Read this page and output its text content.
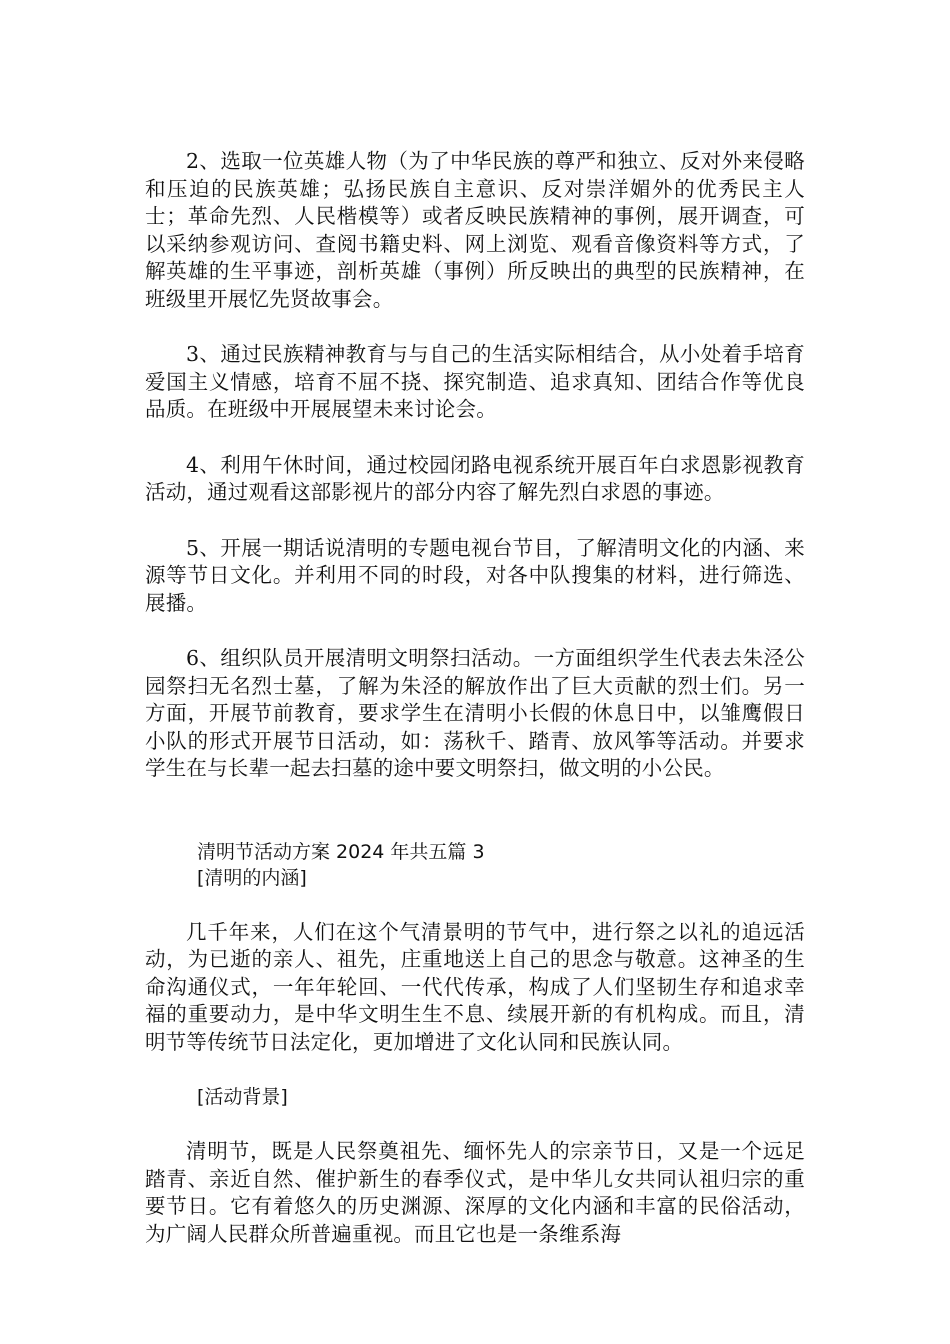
2、选取一位英雄人物（为了中华民族的尊严和独立、反对外来侵略和压迫的民族英雄；弘扬民族自主意识、反对崇洋媚外的优秀民主人士；革命先烈、人民楷模等）或者反映民族精神的事例，展开调查，可以采纳参观访问、查阅书籍史料、网上浏览、观看音像资料等方式，了解英雄的生平事迹，剖析英雄（事例）所反映出的典型的民族精神，在班级里开展忆先贤故事会。

3、通过民族精神教育与与自己的生活实际相结合，从小处着手培育爱国主义情感，培育不屈不挠、探究制造、追求真知、团结合作等优良品质。在班级中开展展望未来讨论会。

4、利用午休时间，通过校园闭路电视系统开展百年白求恩影视教育活动，通过观看这部影视片的部分内容了解先烈白求恩的事迹。

5、开展一期话说清明的专题电视台节目，了解清明文化的内涵、来源等节日文化。并利用不同的时段，对各中队搜集的材料，进行筛选、展播。

6、组织队员开展清明文明祭扫活动。一方面组织学生代表去朱泾公园祭扫无名烈士墓，了解为朱泾的解放作出了巨大贡献的烈士们。另一方面，开展节前教育，要求学生在清明小长假的休息日中，以雏鹰假日小队的形式开展节日活动，如：荡秋千、踏青、放风筝等活动。并要求学生在与长辈一起去扫墓的途中要文明祭扫，做文明的小公民。

清明节活动方案 2024 年共五篇 3

[清明的内涵]

几千年来，人们在这个气清景明的节气中，进行祭之以礼的追远活动，为已逝的亲人、祖先，庄重地送上自己的思念与敬意。这神圣的生命沟通仪式，一年年轮回、一代代传承，构成了人们坚韧生存和追求幸福的重要动力，是中华文明生生不息、续展开新的有机构成。而且，清明节等传统节日法定化，更加增进了文化认同和民族认同。

[活动背景]

清明节，既是人民祭奠祖先、缅怀先人的宗亲节日，又是一个远足踏青、亲近自然、催护新生的春季仪式，是中华儿女共同认祖归宗的重要节日。它有着悠久的历史渊源、深厚的文化内涵和丰富的民俗活动，为广阔人民群众所普遍重视。而且它也是一条维系海
